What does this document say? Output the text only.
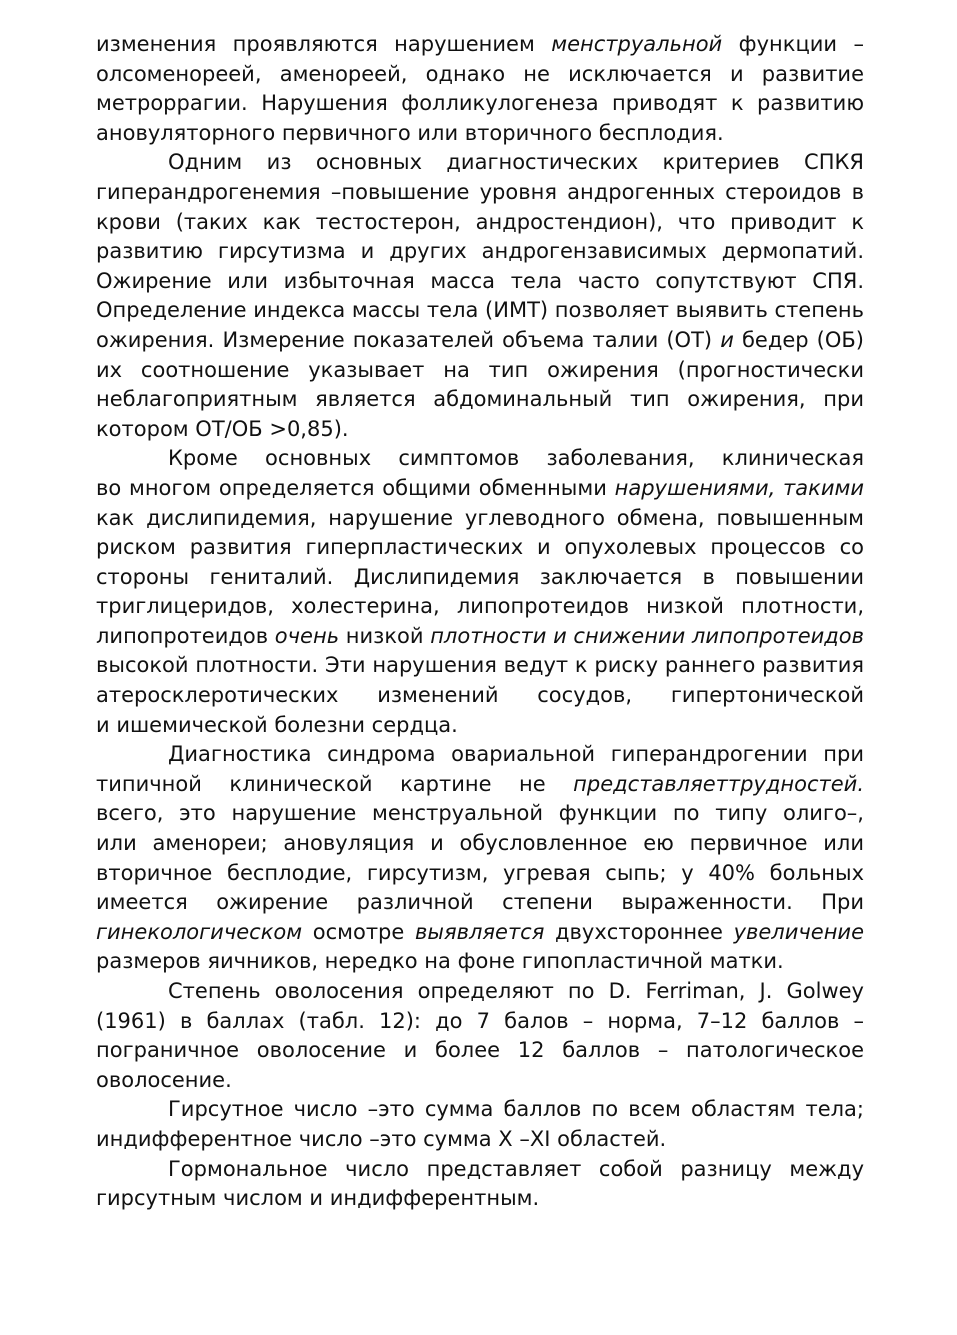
изменения проявляются нарушением менструальной функции –
олсоменореей, аменореей, однако не исключается и развитие
метроррагии. Нарушения фолликулогенеза приводят к развитию
ановуляторного первичного или вторичного бесплодия.
Одним из основных диагностических критериев СПКЯ
гиперандрогенемия –повышение уровня андрогенных стероидов в
крови (таких как тестостерон, андростендион), что приводит к
развитию гирсутизма и других андрогензависимых дермопатий.
Ожирение или избыточная масса тела часто сопутствуют СПЯ.
Определение индекса массы тела (ИМТ) позволяет выявить степень
ожирения. Измерение показателей объема талии (ОТ) и бедер (ОБ)
их соотношение указывает на тип ожирения (прогностически
неблагоприятным является абдоминальный тип ожирения, при
котором ОТ/ОБ >0,85).
Кроме основных симптомов заболевания, клиническая
во многом определяется общими обменными нарушениями, такими
как дислипидемия, нарушение углеводного обмена, повышенным
риском развития гиперпластических и опухолевых процессов со
стороны гениталий. Дислипидемия заключается в повышении
триглицеридов, холестерина, липопротеидов низкой плотности,
липопротеидов очень низкой плотности и снижении липопротеидов
высокой плотности. Эти нарушения ведут к риску раннего развития
атеросклеротических изменений сосудов, гипертонической
и ишемической болезни сердца.
Диагностика синдрома овариальной гиперандрогении при
типичной клинической картине не представляеттрудностей.
всего, это нарушение менструальной функции по типу олиго–,
или аменореи; ановуляция и обусловленное ею первичное или
вторичное бесплодие, гирсутизм, угревая сыпь; у 40% больных
имеется ожирение различной степени выраженности. При
гинекологическом осмотре выявляется двухстороннее увеличение
размеров яичников, нередко на фоне гипопластичной матки.
Степень оволосения определяют по D. Ferriman, J. Golwey
(1961) в баллах (табл. 12): до 7 балов – норма, 7–12 баллов –
пограничное оволосение и более 12 баллов – патологическое
оволосение.
Гирсутное число –это сумма баллов по всем областям тела;
индифферентное число –это сумма X –XI областей.
Гормональное число представляет собой разницу между
гирсутным числом и индифферентным.
